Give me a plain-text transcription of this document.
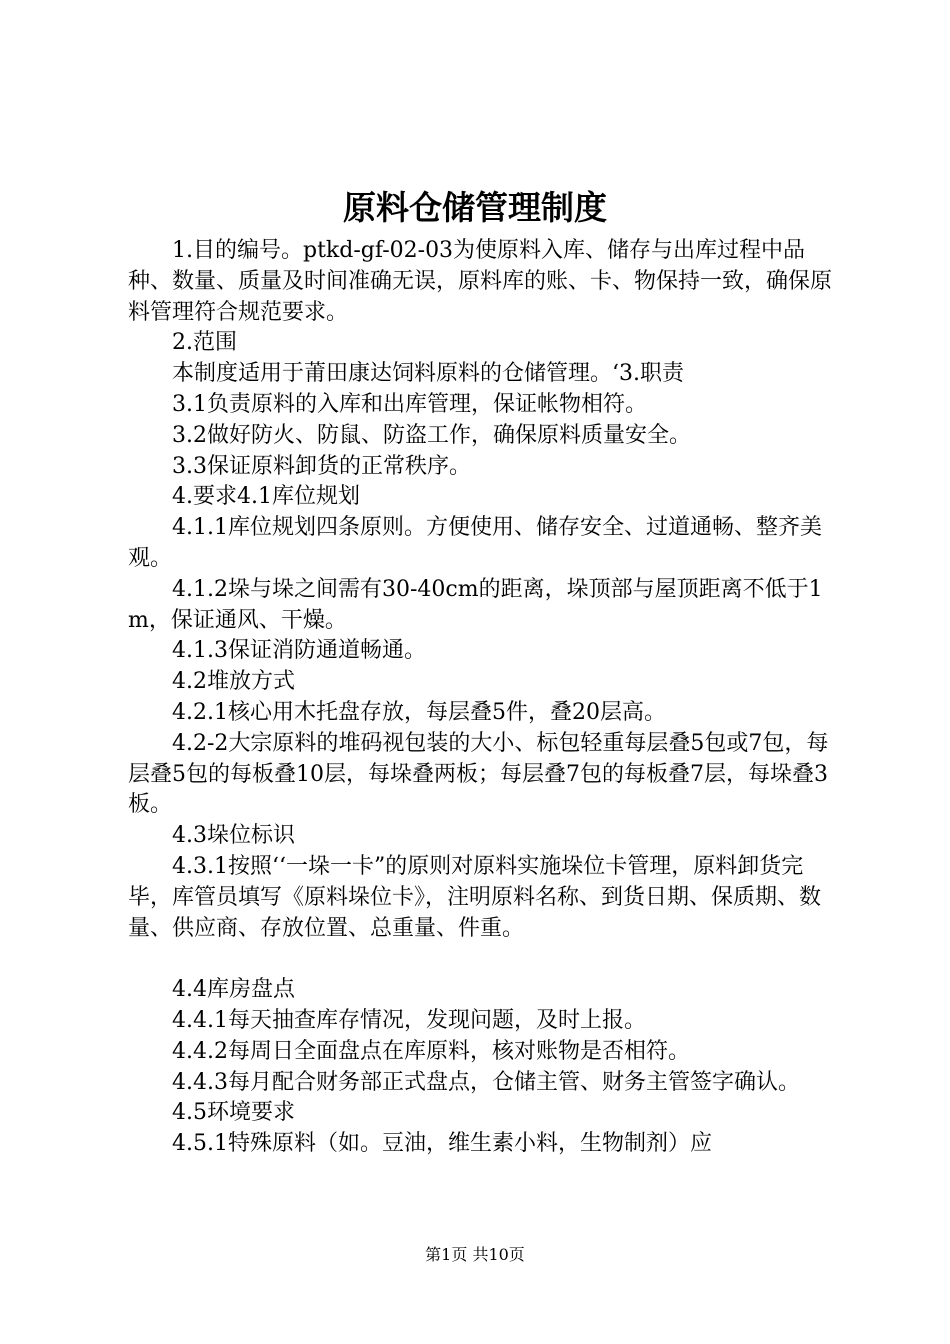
原料仓储管理制度

1.目的编号。ptkd-gf-02-03为使原料入库、储存与出库过程中品种、数量、质量及时间准确无误，原料库的账、卡、物保持一致，确保原料管理符合规范要求。

2.范围

本制度适用于莆田康达饲料原料的仓储管理。‘3.职责

3.1负责原料的入库和出库管理，保证帐物相符。

3.2做好防火、防鼠、防盗工作，确保原料质量安全。

3.3保证原料卸货的正常秩序。

4.要求4.1库位规划

4.1.1库位规划四条原则。方便使用、储存安全、过道通畅、整齐美观。

4.1.2垛与垛之间需有30-40cm的距离，垛顶部与屋顶距离不低于1m，保证通风、干燥。

4.1.3保证消防通道畅通。

4.2堆放方式

4.2.1核心用木托盘存放，每层叠5件，叠20层高。

4.2-2大宗原料的堆码视包装的大小、标包轻重每层叠5包或7包，每层叠5包的每板叠10层，每垛叠两板；每层叠7包的每板叠7层，每垛叠3板。

4.3垛位标识

4.3.1按照‘‘一垛一卡”的原则对原料实施垛位卡管理，原料卸货完毕，库管员填写《原料垛位卡》，注明原料名称、到货日期、保质期、数量、供应商、存放位置、总重量、件重。

4.4库房盘点

4.4.1每天抽查库存情况，发现问题，及时上报。

4.4.2每周日全面盘点在库原料，核对账物是否相符。

4.4.3每月配合财务部正式盘点，仓储主管、财务主管签字确认。

4.5环境要求

4.5.1特殊原料（如。豆油，维生素小料，生物制剂）应

第1页 共10页
